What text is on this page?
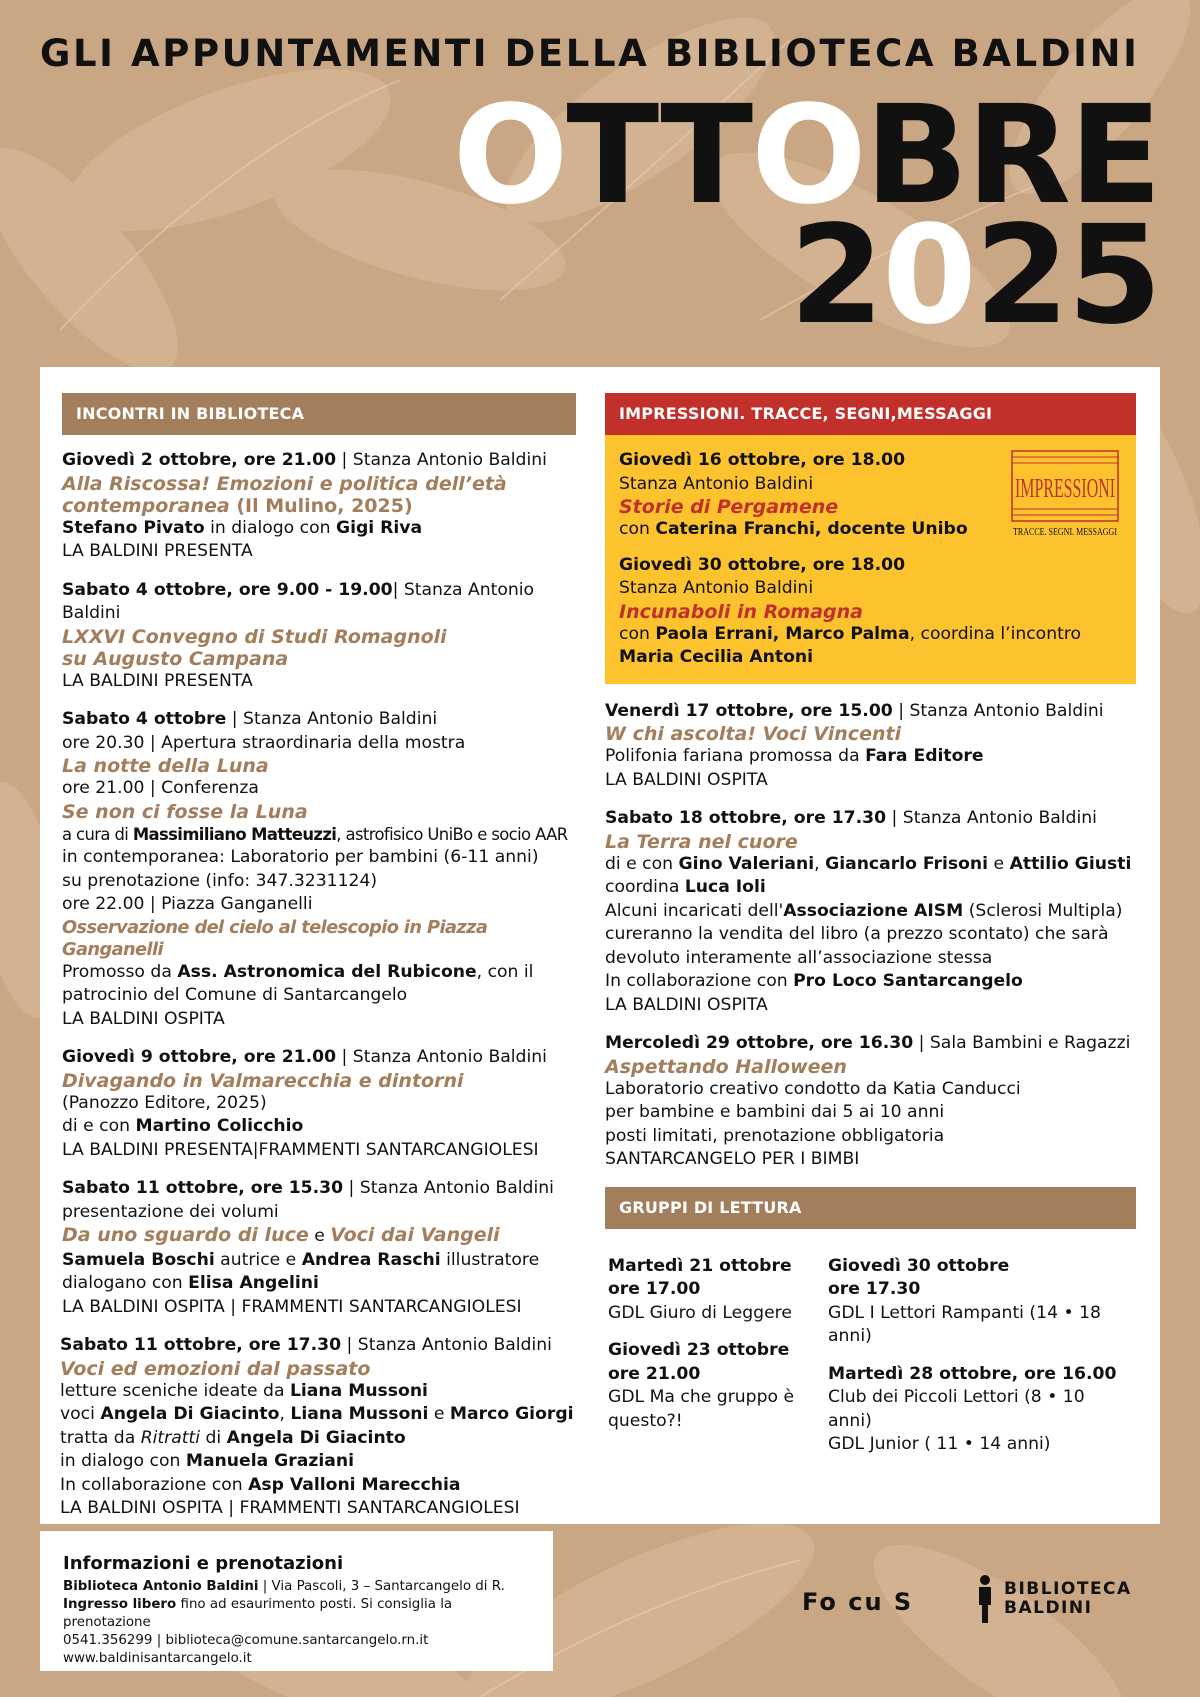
GLI APPUNTAMENTI DELLA BIBLIOTECA BALDINI
OTTOBRE
2025
INCONTRI IN BIBLIOTECA
Giovedì 2 ottobre, ore 21.00 | Stanza Antonio Baldini
Alla Riscossa! Emozioni e politica dell’età
contemporanea (Il Mulino, 2025)
Stefano Pivato in dialogo con Gigi Riva
LA BALDINI PRESENTA
Sabato 4 ottobre, ore 9.00 - 19.00| Stanza Antonio Baldini
LXXVI Convegno di Studi Romagnoli
su Augusto Campana
LA BALDINI PRESENTA
Sabato 4 ottobre | Stanza Antonio Baldini
ore 20.30 | Apertura straordinaria della mostra
La notte della Luna
ore 21.00 | Conferenza
Se non ci fosse la Luna
a cura di Massimiliano Matteuzzi, astrofisico UniBo e socio AAR
in contemporanea: Laboratorio per bambini (6-11 anni)
su prenotazione (info: 347.3231124)
ore 22.00 | Piazza Ganganelli
Osservazione del cielo al telescopio in Piazza Ganganelli
Promosso da Ass. Astronomica del Rubicone, con il
patrocinio del Comune di Santarcangelo
LA BALDINI OSPITA
Giovedì 9 ottobre, ore 21.00 | Stanza Antonio Baldini
Divagando in Valmarecchia e dintorni
(Panozzo Editore, 2025)
di e con Martino Colicchio
LA BALDINI PRESENTA|FRAMMENTI SANTARCANGIOLESI
Sabato 11 ottobre, ore 15.30 | Stanza Antonio Baldini
presentazione dei volumi
Da uno sguardo di luce e Voci dai Vangeli
Samuela Boschi autrice e Andrea Raschi illustratore
dialogano con Elisa Angelini
LA BALDINI OSPITA | FRAMMENTI SANTARCANGIOLESI
Sabato 11 ottobre, ore 17.30 | Stanza Antonio Baldini
Voci ed emozioni dal passato
letture sceniche ideate da Liana Mussoni
voci Angela Di Giacinto, Liana Mussoni e Marco Giorgi
tratta da Ritratti di Angela Di Giacinto
in dialogo con Manuela Graziani
In collaborazione con Asp Valloni Marecchia
LA BALDINI OSPITA | FRAMMENTI SANTARCANGIOLESI
IMPRESSIONI. TRACCE, SEGNI,MESSAGGI
IMPRESSIONI
TRACCE. SEGNI. MESSAGGI
Giovedì 16 ottobre, ore 18.00
Stanza Antonio Baldini
Storie di Pergamene
con Caterina Franchi, docente Unibo
Giovedì 30 ottobre, ore 18.00
Stanza Antonio Baldini
Incunaboli in Romagna
con Paola Errani, Marco Palma, coordina l’incontro
Maria Cecilia Antoni
Venerdì 17 ottobre, ore 15.00 | Stanza Antonio Baldini
W chi ascolta! Voci Vincenti
Polifonia fariana promossa da Fara Editore
LA BALDINI OSPITA
Sabato 18 ottobre, ore 17.30 | Stanza Antonio Baldini
La Terra nel cuore
di e con Gino Valeriani, Giancarlo Frisoni e Attilio Giusti
coordina Luca Ioli
Alcuni incaricati dell'Associazione AISM (Sclerosi Multipla)
cureranno la vendita del libro (a prezzo scontato) che sarà
devoluto interamente all’associazione stessa
In collaborazione con Pro Loco Santarcangelo
LA BALDINI OSPITA
Mercoledì 29 ottobre, ore 16.30 | Sala Bambini e Ragazzi
Aspettando Halloween
Laboratorio creativo condotto da Katia Canducci
per bambine e bambini dai 5 ai 10 anni
posti limitati, prenotazione obbligatoria
SANTARCANGELO PER I BIMBI
GRUPPI DI LETTURA
Martedì 21 ottobre
ore 17.00
GDL Giuro di Leggere
Giovedì 23 ottobre
ore 21.00
GDL Ma che gruppo è
questo?!
Giovedì 30 ottobre
ore 17.30
GDL I Lettori Rampanti (14 • 18
anni)
Martedì 28 ottobre, ore 16.00
Club dei Piccoli Lettori (8 • 10 anni)
GDL Junior ( 11 • 14 anni)
Informazioni e prenotazioni
Biblioteca Antonio Baldini | Via Pascoli, 3 – Santarcangelo di R.
Ingresso libero fino ad esaurimento posti. Si consiglia la prenotazione
0541.356299 | biblioteca@comune.santarcangelo.rn.it
www.baldinisantarcangelo.it
Fo cu S	BIBLIOTECA
BALDINI
